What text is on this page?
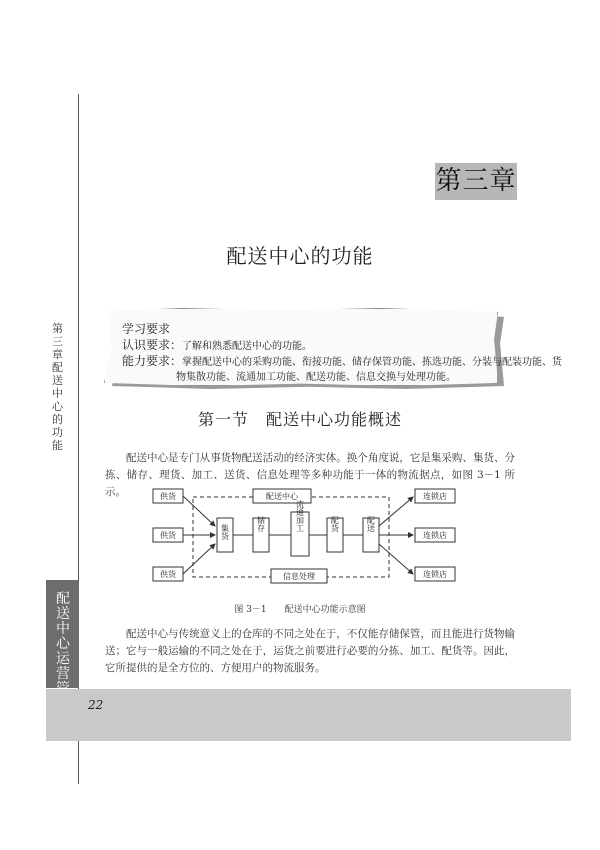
第
三
章
配
送
中
心
的
功
能
配
送
中
心
运
营
第三章
配送中心的功能
学习要求
认识要求：了解和熟悉配送中心的功能。
能力要求：掌握配送中心的采购功能、衔接功能、储存保管功能、拣选功能、分装与配装功能、货
物集散功能、流通加工功能、配送功能、信息交换与处理功能。
第一节　配送中心功能概述
配送中心是专门从事货物配送活动的经济实体。换个角度说，它是集采购、集货、分拣、储存、理货、加工、送货、信息处理等多种功能于一体的物流据点，如图 3－1 所示。	配送中心
供货
供货
供货
集货	储存	流通加工	配货	配送
连锁店
连锁店
连锁店
信息处理
图 3－1　　配送中心功能示意图
配送中心与传统意义上的仓库的不同之处在于，不仅能存储保管，而且能进行货物输送；它与一般运输的不同之处在于，运货之前要进行必要的分拣、加工、配货等。因此，它所提供的是全方位的、方便用户的物流服务。
22
